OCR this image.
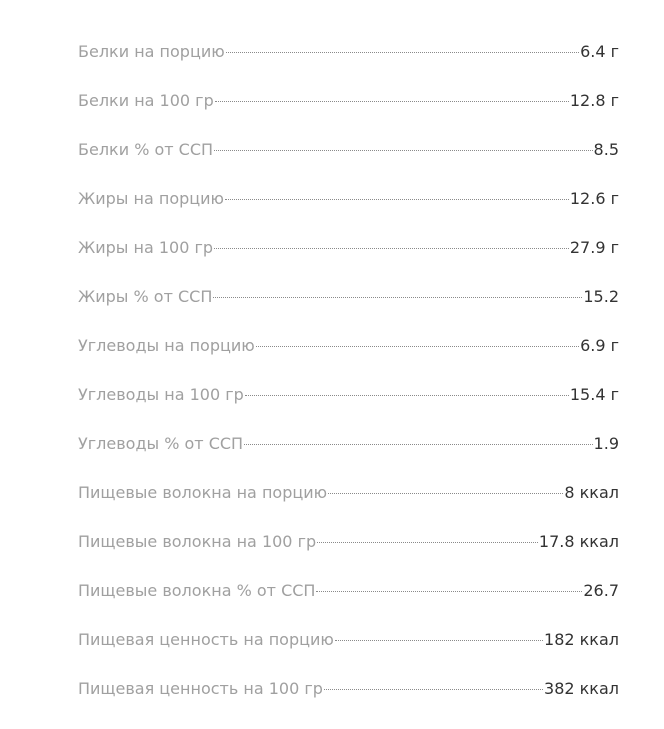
Белки на порцию	6.4 г
Белки на 100 гр	12.8 г
Белки % от ССП	8.5
Жиры на порцию	12.6 г
Жиры на 100 гр	27.9 г
Жиры % от ССП	15.2
Углеводы на порцию	6.9 г
Углеводы на 100 гр	15.4 г
Углеводы % от ССП	1.9
Пищевые волокна на порцию	8 ккал
Пищевые волокна на 100 гр	17.8 ккал
Пищевые волокна % от ССП	26.7
Пищевая ценность на порцию	182 ккал
Пищевая ценность на 100 гр	382 ккал
